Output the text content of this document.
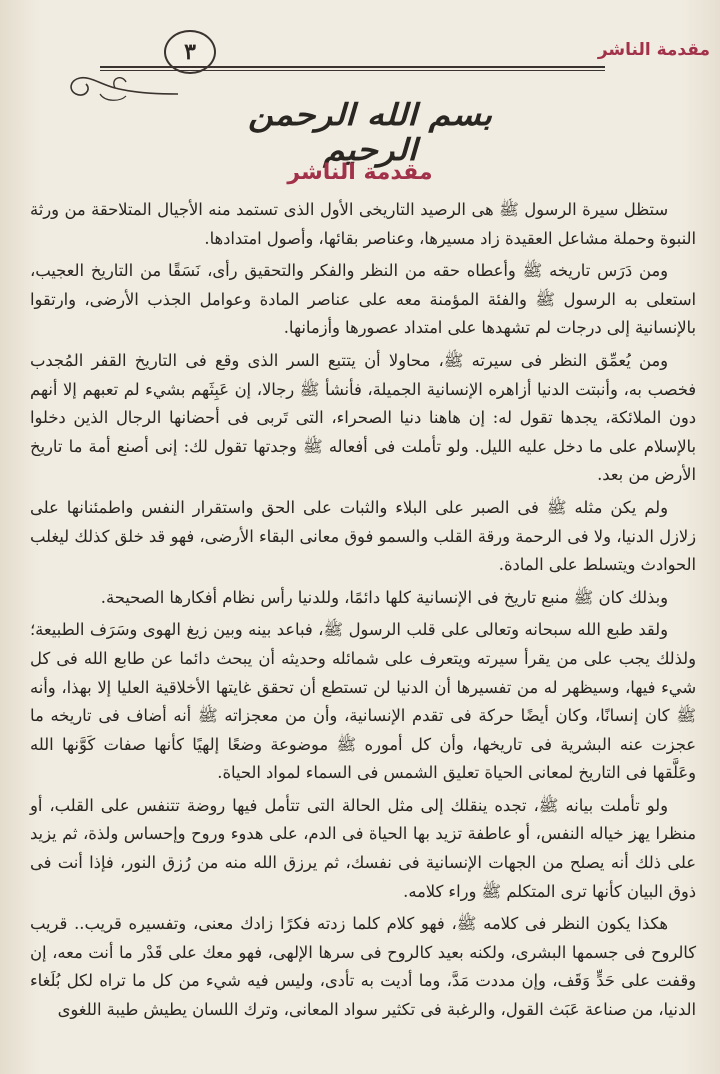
٣	مقدمة الناشر
بسم الله الرحمن الرحيم
مقدمة الناشر

ستظل سيرة الرسول ﷺ هى الرصيد التاريخى الأول الذى تستمد منه الأجيال المتلاحقة من ورثة النبوة وحملة مشاعل العقيدة زاد مسيرها، وعناصر بقائها، وأصول امتدادها.

ومن دَرَس تاريخه ﷺ وأعطاه حقه من النظر والفكر والتحقيق رأى، نَسَقًا من التاريخ العجيب، استعلى به الرسول ﷺ والفئة المؤمنة معه على عناصر المادة وعوامل الجذب الأرضى، وارتقوا بالإنسانية إلى درجات لم تشهدها على امتداد عصورها وأزمانها.

ومن يُعمِّق النظر فى سيرته ﷺ، محاولا أن يتتبع السر الذى وقع فى التاريخ القفر المُجدب فخصب به، وأنبتت الدنيا أزاهره الإنسانية الجميلة، فأنشأ ﷺ رجالا، إن عَبِثَهم بشيء لم تعبهم إلا أنهم دون الملائكة، يجدها تقول له: إن هاهنا دنيا الصحراء، التى تَربى فى أحضانها الرجال الذين دخلوا بالإسلام على ما دخل عليه الليل. ولو تأملت فى أفعاله ﷺ وجدتها تقول لك: إنى أصنع أمة ما تاريخ الأرض من بعد.

ولم يكن مثله ﷺ فى الصبر على البلاء والثبات على الحق واستقرار النفس واطمئنانها على زلازل الدنيا، ولا فى الرحمة ورقة القلب والسمو فوق معانى البقاء الأرضى، فهو قد خلق كذلك ليغلب الحوادث ويتسلط على المادة.

وبذلك كان ﷺ منبع تاريخ فى الإنسانية كلها دائمًا، وللدنيا رأس نظام أفكارها الصحيحة.

ولقد طبع الله سبحانه وتعالى على قلب الرسول ﷺ، فباعد بينه وبين زيغ الهوى وسَرَف الطبيعة؛ ولذلك يجب على من يقرأ سيرته ويتعرف على شمائله وحديثه أن يبحث دائما عن طابع الله فى كل شيء فيها، وسيظهر له من تفسيرها أن الدنيا لن تستطع أن تحقق غايتها الأخلاقية العليا إلا بهذا، وأنه ﷺ كان إنسانًا، وكان أيضًا حركة فى تقدم الإنسانية، وأن من معجزاته ﷺ أنه أضاف فى تاريخه ما عجزت عنه البشرية فى تاريخها، وأن كل أموره ﷺ موضوعة وضعًا إلهيًا كأنها صفات كَوَّنها الله وعَلَّقها فى التاريخ لمعانى الحياة تعليق الشمس فى السماء لمواد الحياة.

ولو تأملت بيانه ﷺ، تجده ينقلك إلى مثل الحالة التى تتأمل فيها روضة تتنفس على القلب، أو منظرا يهز خياله النفس، أو عاطفة تزيد بها الحياة فى الدم، على هدوء وروح وإحساس ولذة، ثم يزيد على ذلك أنه يصلح من الجهات الإنسانية فى نفسك، ثم يرزق الله منه من رُزق النور، فإذا أنت فى ذوق البيان كأنها ترى المتكلم ﷺ وراء كلامه.

هكذا يكون النظر فى كلامه ﷺ، فهو كلام كلما زدته فكرًا زادك معنى، وتفسيره قريب.. قريب كالروح فى جسمها البشرى، ولكنه بعيد كالروح فى سرها الإلهى، فهو معك على قَدْر ما أنت معه، إن وقفت على حَدٍّ وَقَف، وإن مددت مَدَّ، وما أديت به تأدى، وليس فيه شيء من كل ما تراه لكل بُلَغاء الدنيا، من صناعة عَبَث القول، والرغبة فى تكثير سواد المعانى، وترك اللسان يطيش طيبة اللغوى
